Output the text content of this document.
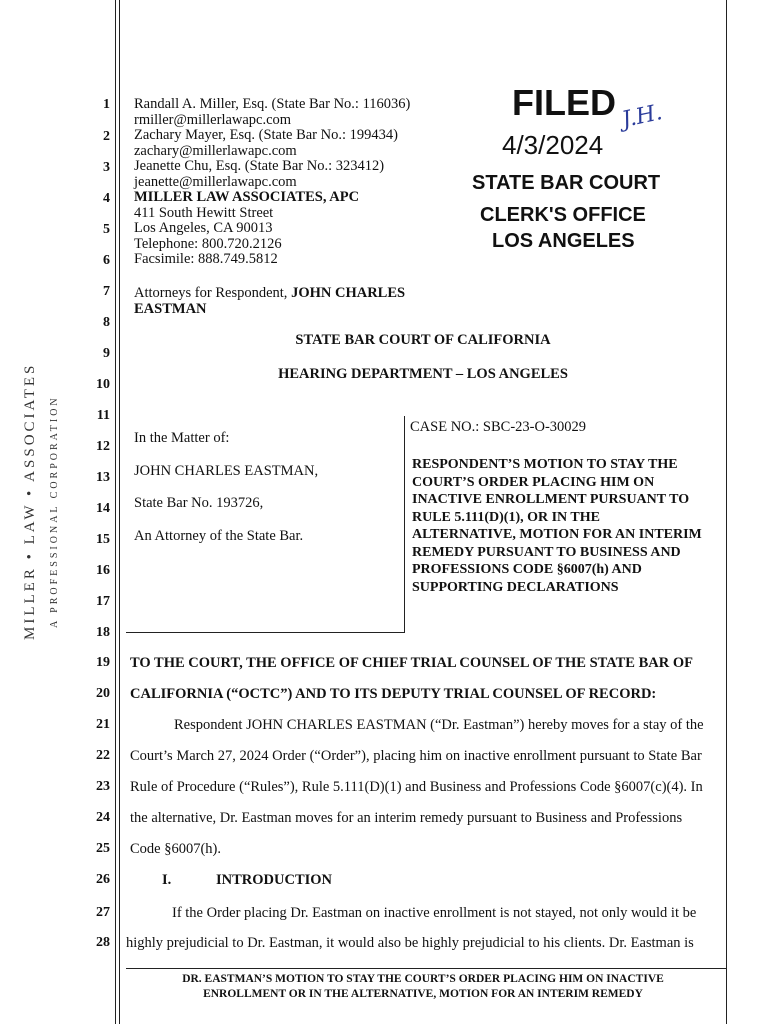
MILLER • LAW • ASSOCIATES A PROFESSIONAL CORPORATION
1
2
3
4
5
6
7
8
9
10
11
12
13
14
15
16
17
18
19
20
21
22
23
24
25
26
27
28
Randall A. Miller, Esq. (State Bar No.: 116036)
rmiller@millerlawapc.com
Zachary Mayer, Esq. (State Bar No.: 199434)
zachary@millerlawapc.com
Jeanette Chu, Esq. (State Bar No.: 323412)
jeanette@millerlawapc.com
MILLER LAW ASSOCIATES, APC
411 South Hewitt Street
Los Angeles, CA 90013
Telephone: 800.720.2126
Facsimile: 888.749.5812
Attorneys for Respondent, JOHN CHARLES
EASTMAN
FILED J.H.
4/3/2024
STATE BAR COURT
CLERK'S OFFICE
LOS ANGELES
STATE BAR COURT OF CALIFORNIA
HEARING DEPARTMENT – LOS ANGELES
In the Matter of:
JOHN CHARLES EASTMAN,
State Bar No. 193726,
An Attorney of the State Bar.
CASE NO.: SBC-23-O-30029
RESPONDENT’S MOTION TO STAY THE
COURT’S ORDER PLACING HIM ON
INACTIVE ENROLLMENT PURSUANT TO
RULE 5.111(D)(1), OR IN THE
ALTERNATIVE, MOTION FOR AN INTERIM
REMEDY PURSUANT TO BUSINESS AND
PROFESSIONS CODE §6007(h) AND
SUPPORTING DECLARATIONS
TO THE COURT, THE OFFICE OF CHIEF TRIAL COUNSEL OF THE STATE BAR OF
CALIFORNIA (“OCTC”) AND TO ITS DEPUTY TRIAL COUNSEL OF RECORD:
Respondent JOHN CHARLES EASTMAN (“Dr. Eastman”) hereby moves for a stay of the
Court’s March 27, 2024 Order (“Order”), placing him on inactive enrollment pursuant to State Bar
Rule of Procedure (“Rules”), Rule 5.111(D)(1) and Business and Professions Code §6007(c)(4). In
the alternative, Dr. Eastman moves for an interim remedy pursuant to Business and Professions
Code §6007(h).
I.	INTRODUCTION
If the Order placing Dr. Eastman on inactive enrollment is not stayed, not only would it be
highly prejudicial to Dr. Eastman, it would also be highly prejudicial to his clients. Dr. Eastman is
DR. EASTMAN’S MOTION TO STAY THE COURT’S ORDER PLACING HIM ON INACTIVE
ENROLLMENT OR IN THE ALTERNATIVE, MOTION FOR AN INTERIM REMEDY
